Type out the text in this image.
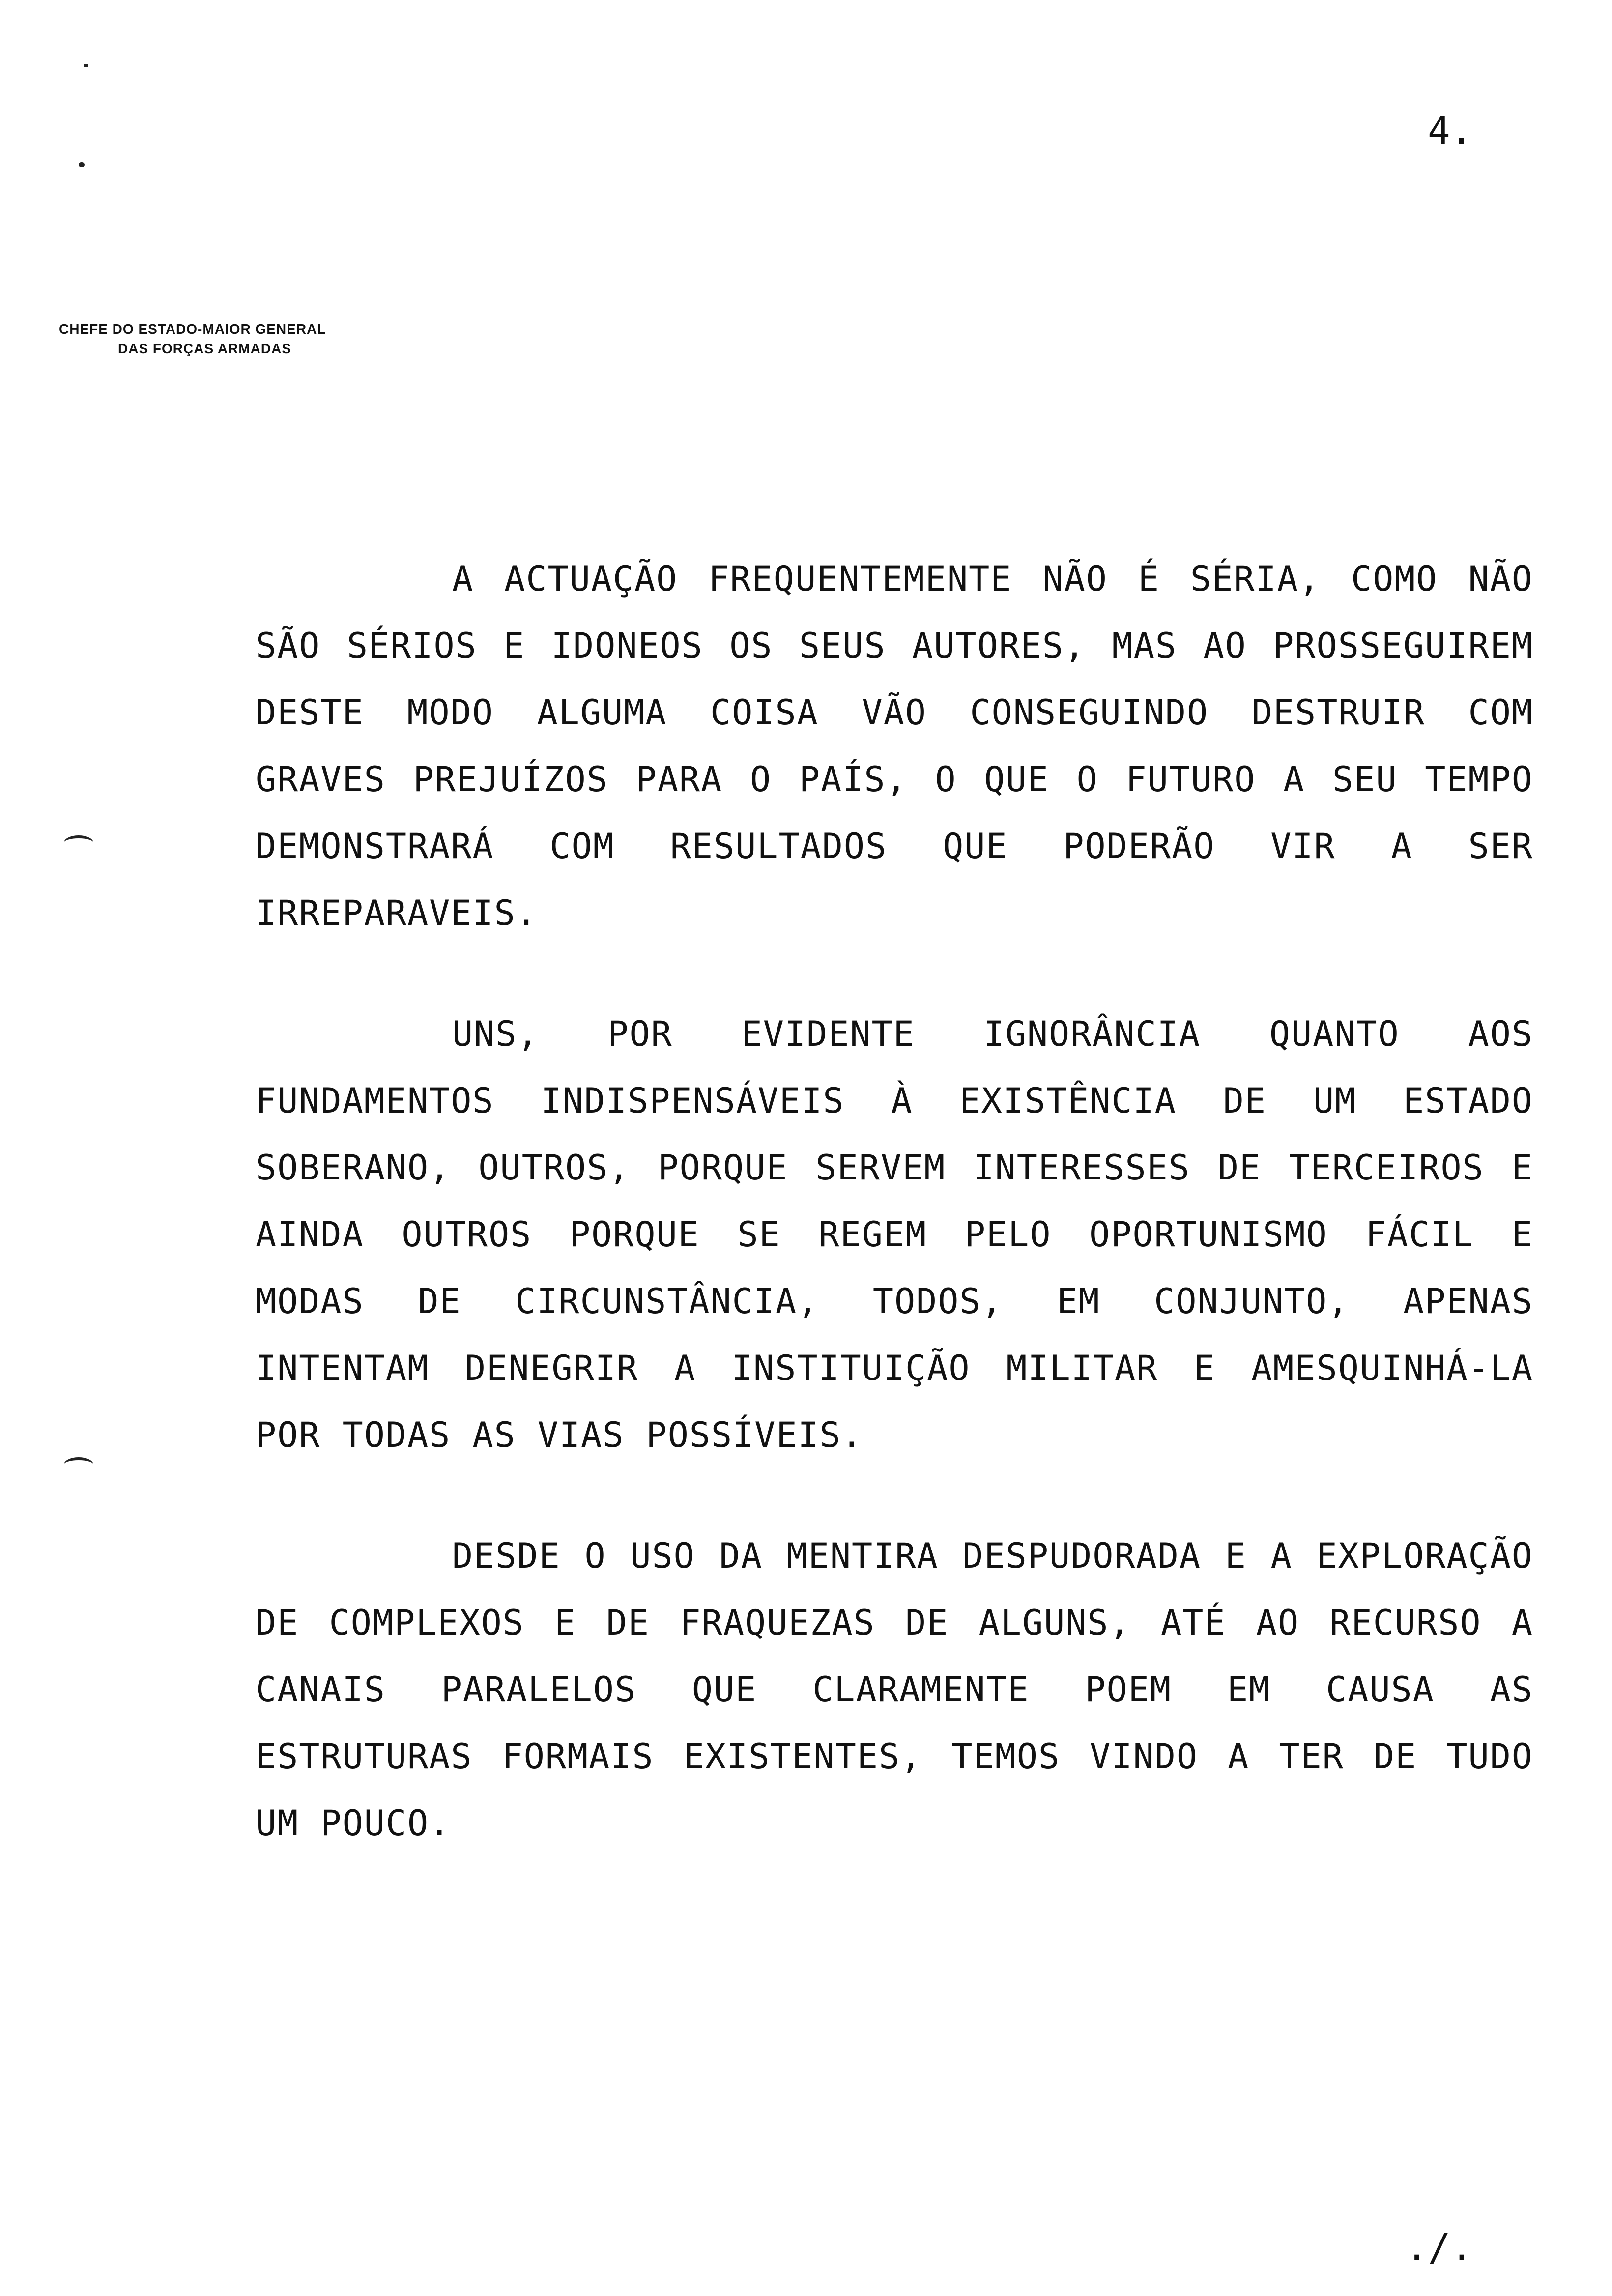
4.
CHEFE DO ESTADO-MAIOR GENERAL
DAS FORÇAS ARMADAS
A ACTUAÇÃO FREQUENTEMENTE NÃO É SÉRIA, COMO NÃO SÃO SÉRIOS E IDONEOS OS SEUS AUTORES, MAS AO PROSSEGUIREM DESTE MODO ALGUMA COISA VÃO CONSEGUINDO DESTRUIR COM GRAVES PREJUÍZOS PARA O PAÍS, O QUE O FUTURO A SEU TEMPO DEMONSTRARÁ COM RESULTADOS QUE PODERÃO VIR A SER IRREPARAVEIS.
UNS, POR EVIDENTE IGNORÂNCIA QUANTO AOS FUNDAMENTOS INDISPENSÁVEIS À EXISTÊNCIA DE UM ESTADO SOBERANO, OUTROS, PORQUE SERVEM INTERESSES DE TERCEIROS E AINDA OUTROS PORQUE SE REGEM PELO OPORTUNISMO FÁCIL E MODAS DE CIRCUNSTÂNCIA, TODOS, EM CONJUNTO, APENAS INTENTAM DENEGRIR A INSTITUIÇÃO MILITAR E AMESQUINHÁ-LA POR TODAS AS VIAS POSSÍVEIS.
DESDE O USO DA MENTIRA DESPUDORADA E A EXPLORAÇÃO DE COMPLEXOS E DE FRAQUEZAS DE ALGUNS, ATÉ AO RECURSO A CANAIS PARALELOS QUE CLARAMENTE POEM EM CAUSA AS ESTRUTURAS FORMAIS EXISTENTES, TEMOS VINDO A TER DE TUDO UM POUCO.
./.
